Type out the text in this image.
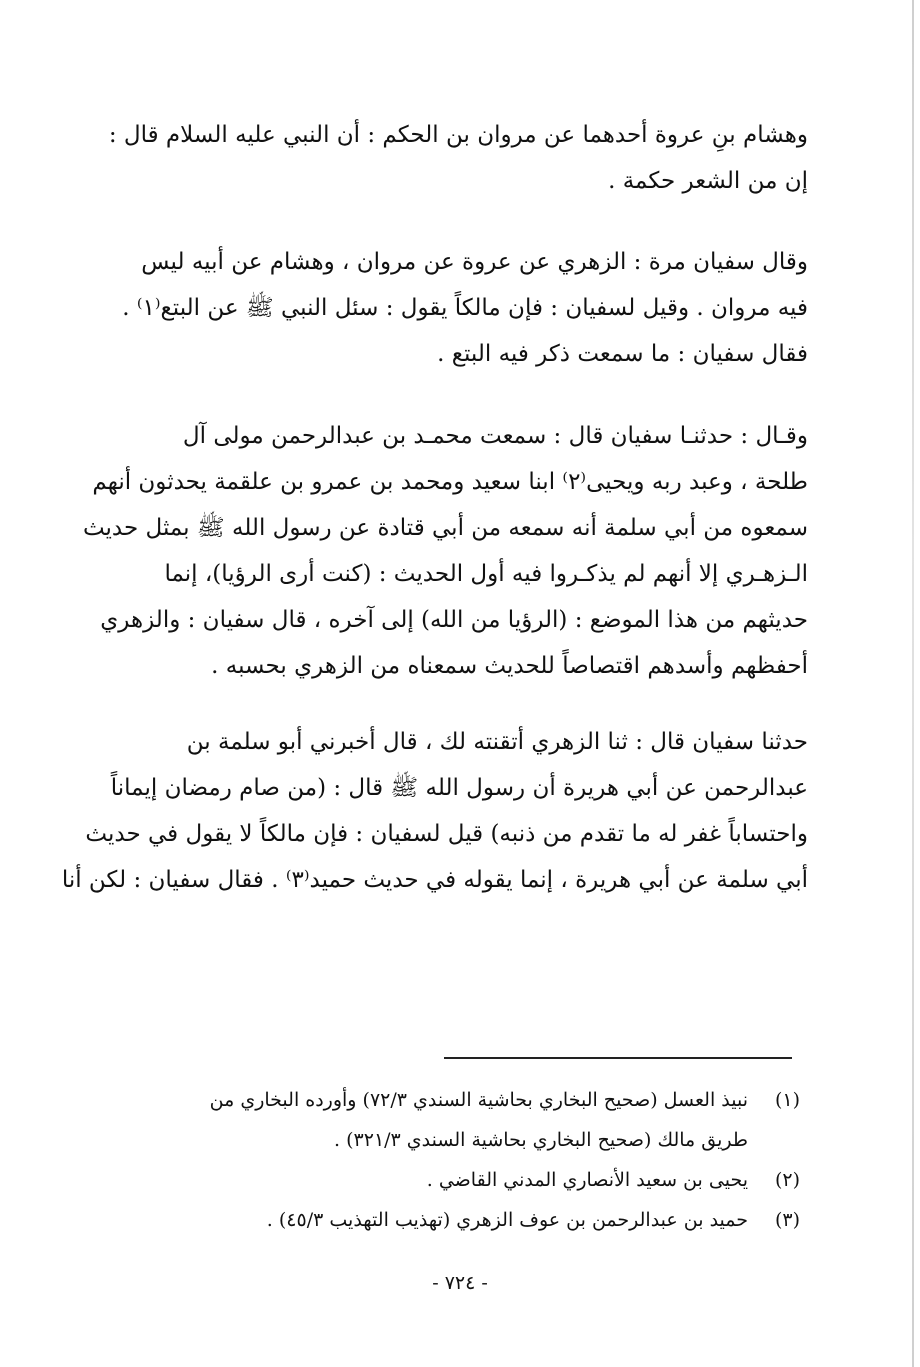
وهشام بنِ عروة أحدهما عن مروان بن الحكم : أن النبي عليه السلام قال :
إن من الشعر حكمة .
وقال سفيان مرة : الزهري عن عروة عن مروان ، وهشام عن أبيه ليس
فيه مروان . وقيل لسفيان : فإن مالكاً يقول : سئل النبي ﷺ عن البتع⁽١⁾ .
فقال سفيان : ما سمعت ذكر فيه البتع .
وقـال : حدثنـا سفيان قال : سمعت محمـد بن عبدالرحمن مولى آل
طلحة ، وعبد ربه ويحيى⁽٢⁾ ابنا سعيد ومحمد بن عمرو بن علقمة يحدثون أنهم
سمعوه من أبي سلمة أنه سمعه من أبي قتادة عن رسول الله ﷺ بمثل حديث
الـزهـري إلا أنهم لم يذكـروا فيه أول الحديث : (كنت أرى الرؤيا)، إنما
حديثهم من هذا الموضع : (الرؤيا من الله) إلى آخره ، قال سفيان : والزهري
أحفظهم وأسدهم اقتصاصاً للحديث سمعناه من الزهري بحسبه .
حدثنا سفيان قال : ثنا الزهري أتقنته لك ، قال أخبرني أبو سلمة بن
عبدالرحمن عن أبي هريرة أن رسول الله ﷺ قال : (من صام رمضان إيماناً
واحتساباً غفر له ما تقدم من ذنبه) قيل لسفيان : فإن مالكاً لا يقول في حديث
أبي سلمة عن أبي هريرة ، إنما يقوله في حديث حميد⁽٣⁾ . فقال سفيان : لكن أنا
(١)
نبيذ العسل (صحيح البخاري بحاشية السندي ٧٢/٣) وأورده البخاري من
طريق مالك (صحيح البخاري بحاشية السندي ٣٢١/٣) .
(٢)
يحيى بن سعيد الأنصاري المدني القاضي .
(٣)
حميد بن عبدالرحمن بن عوف الزهري (تهذيب التهذيب ٤٥/٣) .
- ٧٢٤ -
